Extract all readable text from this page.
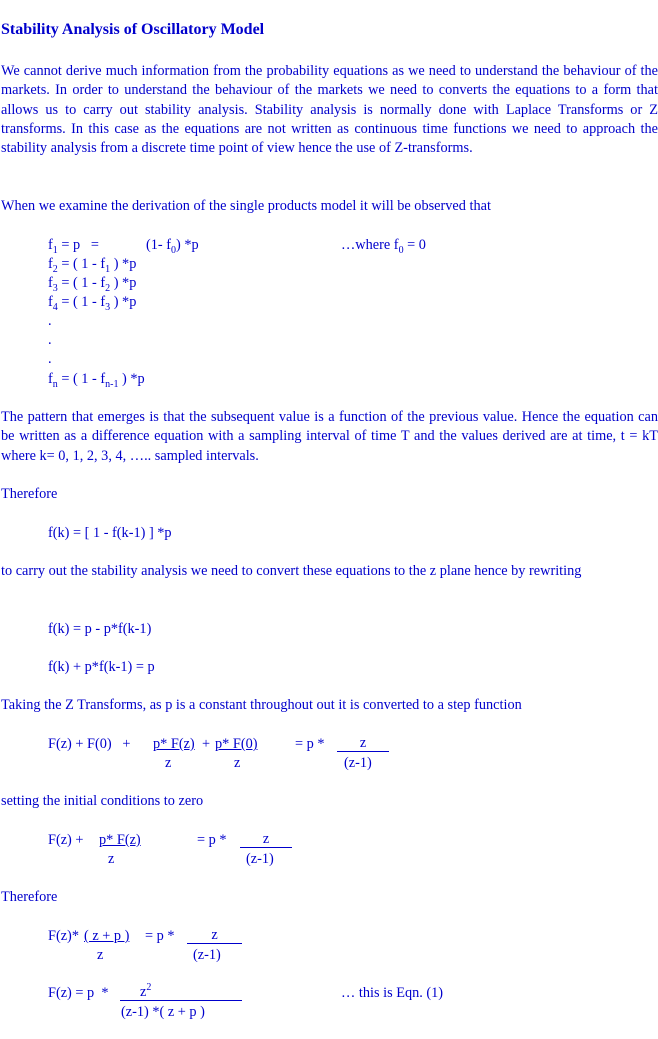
Stability Analysis of Oscillatory Model

We cannot derive much information from the probability equations as we need to understand the behaviour of the markets. In order to understand the behaviour of the markets we need to converts the equations to a form that allows us to carry out stability analysis. Stability analysis is normally done with Laplace Transforms or Z transforms. In this case as the equations are not written as continuous time functions we need to approach the stability analysis from a discrete time point of view hence the use of Z-transforms.

When we examine the derivation of the single products model it will be observed that

$f_1 = p$   =	(1- $f_0$) *p	…where $f_0 = 0$
$f_2$ = ( $1 - f_1$ ) *p
$f_3$ = ( $1 - f_2$ ) *p
$f_4$ = ( $1 - f_3$ ) *p
.
.
.
$f_n$ = ( $1 - f_{n-1}$ ) *p

The pattern that emerges is that the subsequent value is a function of the previous value. Hence the equation can be written as a difference equation with a sampling interval of time T and the values derived are at time, t = kT where k= 0, 1, 2, 3, 4, ….. sampled intervals.

Therefore

f(k) = [ 1 - f(k-1) ] *p

to carry out the stability analysis we need to convert these equations to the z plane hence by rewriting

f(k) = p - p*f(k-1)
f(k) + p*f(k-1) = p

Taking the Z Transforms, as p is a constant throughout out it is converted to a step function

F(z) + F(0)   + p* F(z) + p* F(0)
z	z
= p *	z
(z-1)

setting the initial conditions to zero

F(z) + p* F(z)
z
= p *	z
(z-1)

Therefore

F(z)* ( z + p )
z
= p *	z
(z-1)
F(z) = p  *	$z^2$
(z-1) *( z + p )
… this is Eqn. (1)
